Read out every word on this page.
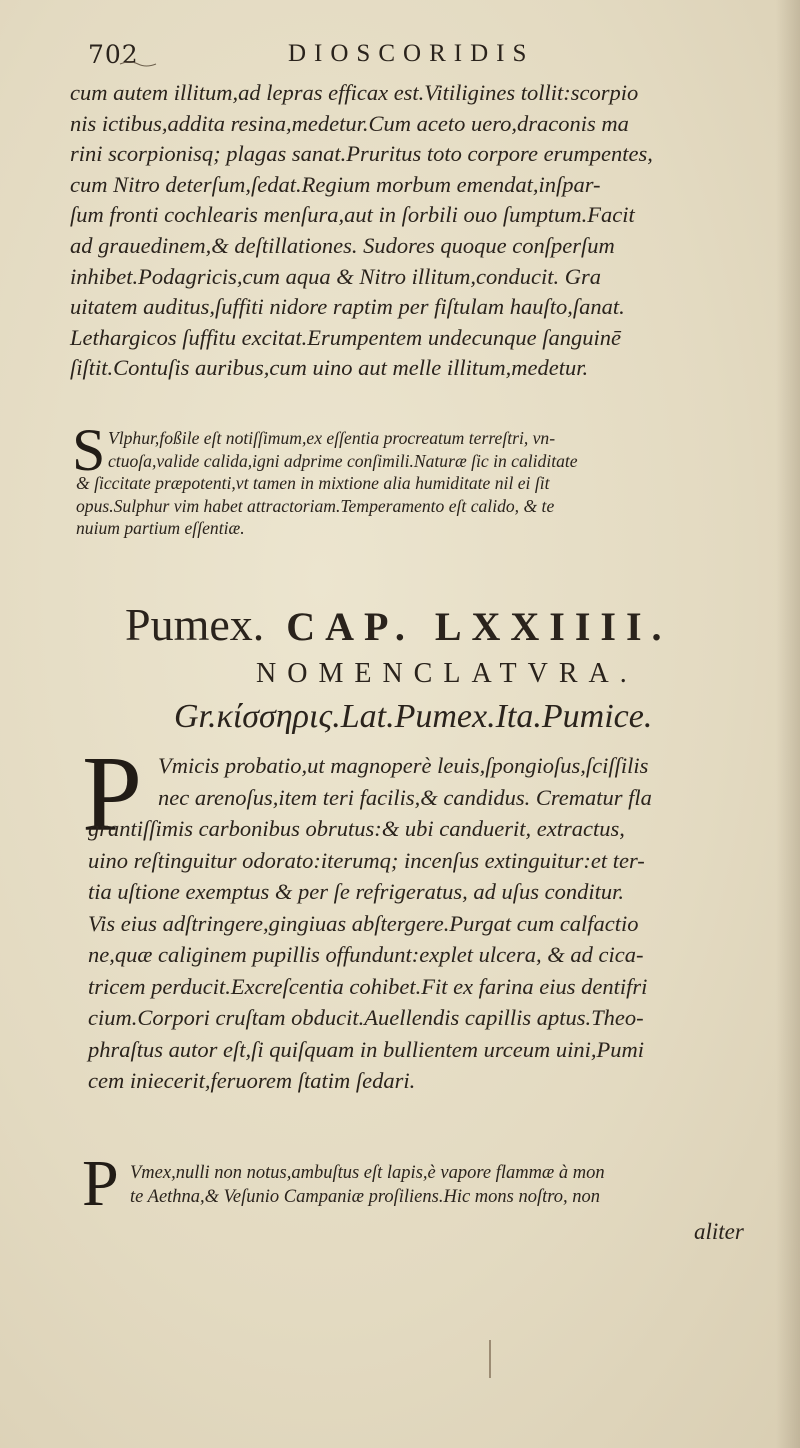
702	DIOSCORIDIS
cum autem illitum,ad lepras efficax est.Vitiligines tollit:scorpio
nis ictibus,addita resina,medetur.Cum aceto uero,draconis ma
rini scorpionisq; plagas sanat.Pruritus toto corpore erumpentes,
cum Nitro deterſum,ſedat.Regium morbum emendat,inſpar-
ſum fronti cochlearis menſura,aut in ſorbili ouo ſumptum.Facit
ad grauedinem,& deſtillationes. Sudores quoque conſperſum
inhibet.Podagricis,cum aqua & Nitro illitum,conducit. Gra
uitatem auditus,ſuffiti nidore raptim per fiſtulam hauſto,ſanat.
Lethargicos ſuffitu excitat.Erumpentem undecunque ſanguinē
ſiſtit.Contuſis auribus,cum uino aut melle illitum,medetur.
S Vlphur,foßile eſt notiſſimum,ex eſſentia procreatum terreſtri, vn-
ctuoſa,valide calida,igni adprime conſimili.Naturæ ſic in caliditate
& ſiccitate præpotenti,vt tamen in mixtione alia humiditate nil ei ſit
opus.Sulphur vim habet attractoriam.Temperamento eſt calido, & te
nuium partium eſſentiæ.
Pumex. CAP. LXXIIII.
NOMENCLATVRA.
Gr.κίσσηρις.Lat.Pumex.Ita.Pumice.
P Vmicis probatio,ut magnoperè leuis,ſpongioſus,ſciſſilis
nec arenoſus,item teri facilis,& candidus. Crematur fla
grantiſſimis carbonibus obrutus:& ubi canduerit, extractus,
uino reſtinguitur odorato:iterumq; incenſus extinguitur:et ter-
tia uſtione exemptus & per ſe refrigeratus, ad uſus conditur.
Vis eius adſtringere,gingiuas abſtergere.Purgat cum calfactio
ne,quæ caliginem pupillis offundunt:explet ulcera, & ad cica-
tricem perducit.Excreſcentia cohibet.Fit ex farina eius dentifri
cium.Corpori cruſtam obducit.Auellendis capillis aptus.Theo-
phraſtus autor eſt,ſi quiſquam in bullientem urceum uini,Pumi
cem iniecerit,feruorem ſtatim ſedari.
P Vmex,nulli non notus,ambuſtus eſt lapis,è vapore flammæ à mon
te Aethna,& Veſunio Campaniæ proſiliens.Hic mons noſtro, non
aliter
